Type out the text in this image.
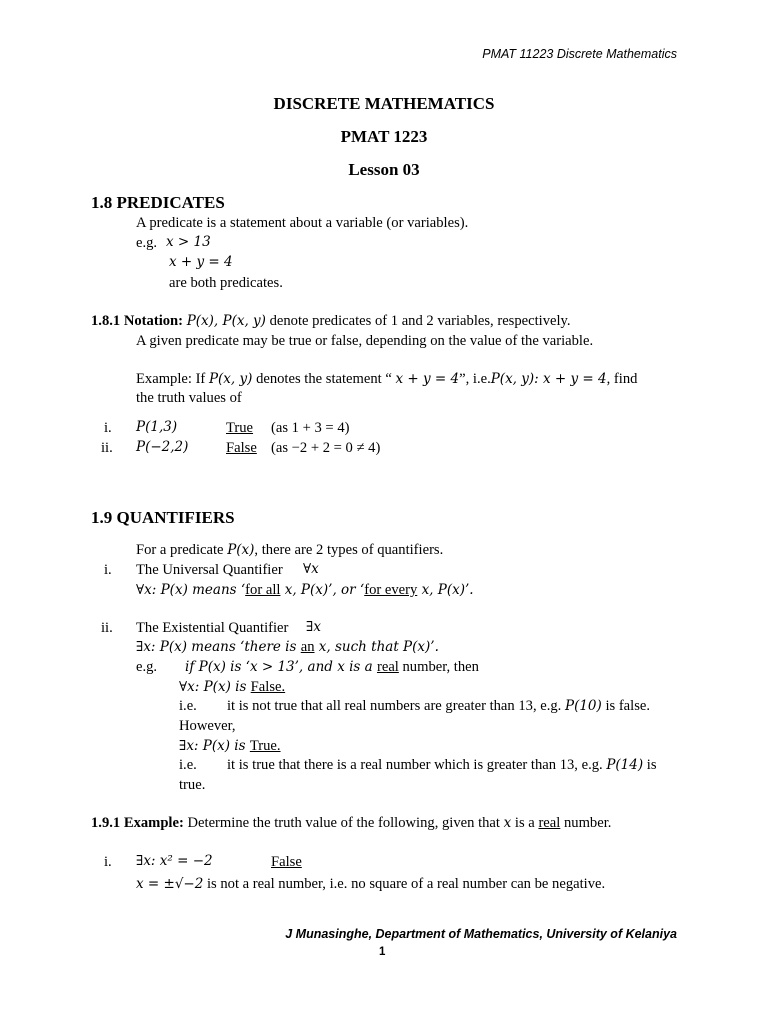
PMAT 11223 Discrete Mathematics
DISCRETE MATHEMATICS
PMAT 1223
Lesson 03
1.8 PREDICATES
A predicate is a statement about a variable (or variables).
e.g. x > 13
x + y = 4
are both predicates.
1.8.1 Notation: P(x), P(x, y) denote predicates of 1 and 2 variables, respectively.
A given predicate may be true or false, depending on the value of the variable.
Example: If P(x, y) denotes the statement “ x + y = 4”, i.e.P(x, y): x + y = 4, find
the truth values of
i. P(1,3)	True (as 1 + 3 = 4)
ii. P(−2,2)	False (as −2 + 2 = 0 ≠ 4)
1.9 QUANTIFIERS
For a predicate P(x), there are 2 types of quantifiers.
i. The Universal Quantifier ∀x
∀x: P(x) means ‘for all x, P(x)’, or ‘for every x, P(x)’.
ii. The Existential Quantifier ∃x
∃x: P(x) means ‘there is an x, such that P(x)’.
e.g. if P(x) is ‘x > 13’, and x is a real number, then
∀x: P(x) is False.
i.e. it is not true that all real numbers are greater than 13, e.g. P(10) is false.
However,
∃x: P(x) is True.
i.e. it is true that there is a real number which is greater than 13, e.g. P(14) is
true.
1.9.1 Example: Determine the truth value of the following, given that x is a real number.
i. ∃x: x² = −2	False
x = ±√−2 is not a real number, i.e. no square of a real number can be negative.
J Munasinghe, Department of Mathematics, University of Kelaniya
1
